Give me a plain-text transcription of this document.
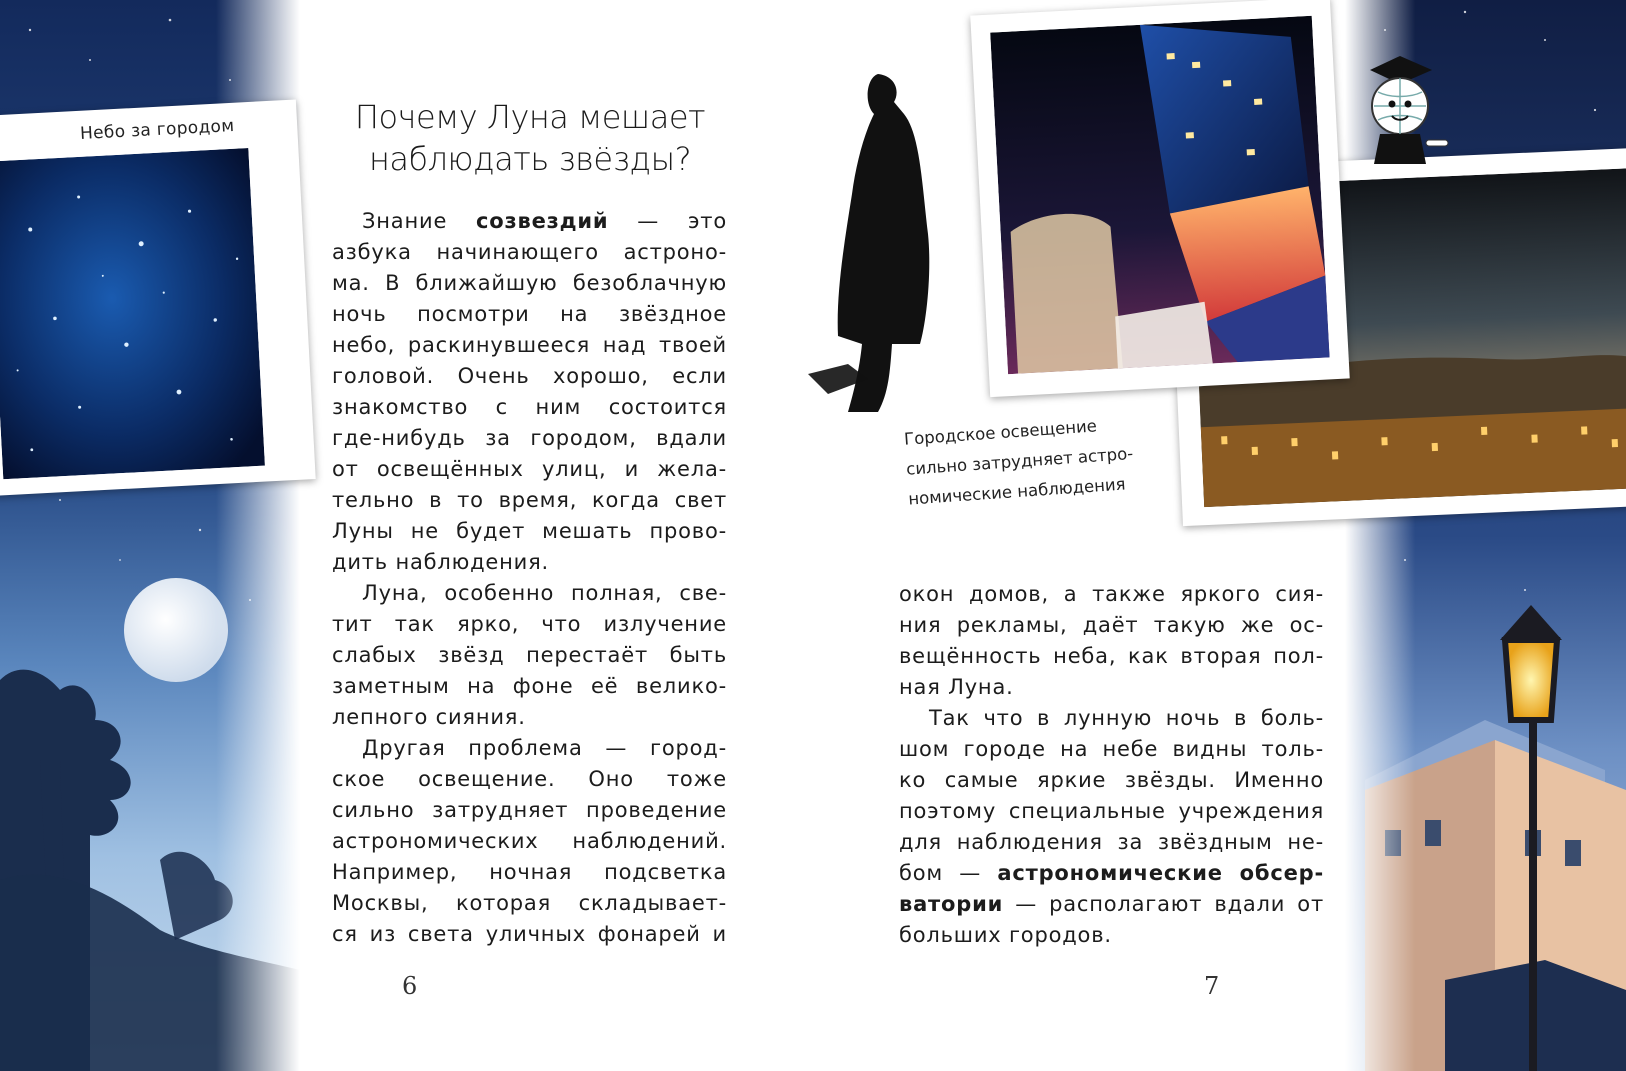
Небо за городом
Городское освещение
сильно затрудняет астро-
номические наблюдения
Почему Луна мешает
наблюдать звёзды?
Знание созвездий — это
азбука начинающего астроно-
ма. В ближайшую безоблачную
ночь посмотри на звёздное
небо, раскинувшееся над твоей
головой. Очень хорошо, если
знакомство с ним состоится
где-нибудь за городом, вдали
от освещённых улиц, и жела-
тельно в то время, когда свет
Луны не будет мешать прово-
дить наблюдения.
Луна, особенно полная, све-
тит так ярко, что излучение
слабых звёзд перестаёт быть
заметным на фоне её велико-
лепного сияния.
Другая проблема — город-
ское освещение. Оно тоже
сильно затрудняет проведение
астрономических наблюдений.
Например, ночная подсветка
Москвы, которая складывает-
ся из света уличных фонарей и
окон домов, а также яркого сия-
ния рекламы, даёт такую же ос-
вещённость неба, как вторая пол-
ная Луна.
Так что в лунную ночь в боль-
шом городе на небе видны толь-
ко самые яркие звёзды. Именно
поэтому специальные учреждения
для наблюдения за звёздным не-
бом — астрономические обсер-
ватории — располагают вдали от
больших городов.
6	7
